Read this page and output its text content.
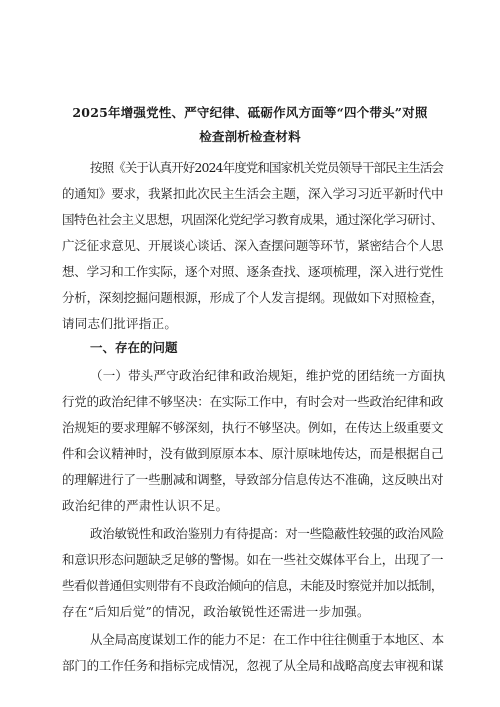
2025年增强党性、严守纪律、砥砺作风方面等“四个带头”对照
检查剖析检查材料
按照《关于认真开好2024年度党和国家机关党员领导干部民主生活会
的通知》要求，我紧扣此次民主生活会主题，深入学习习近平新时代中
国特色社会主义思想，巩固深化党纪学习教育成果，通过深化学习研讨、
广泛征求意见、开展谈心谈话、深入查摆问题等环节，紧密结合个人思
想、学习和工作实际，逐个对照、逐条查找、逐项梳理，深入进行党性
分析，深刻挖掘问题根源，形成了个人发言提纲。现做如下对照检查，
请同志们批评指正。
一、存在的问题
（一）带头严守政治纪律和政治规矩，维护党的团结统一方面执
行党的政治纪律不够坚决：在实际工作中，有时会对一些政治纪律和政
治规矩的要求理解不够深刻，执行不够坚决。例如，在传达上级重要文
件和会议精神时，没有做到原原本本、原汁原味地传达，而是根据自己
的理解进行了一些删减和调整，导致部分信息传达不准确，这反映出对
政治纪律的严肃性认识不足。
政治敏锐性和政治鉴别力有待提高：对一些隐蔽性较强的政治风险
和意识形态问题缺乏足够的警惕。如在一些社交媒体平台上，出现了一
些看似普通但实则带有不良政治倾向的信息，未能及时察觉并加以抵制，
存在“后知后觉”的情况，政治敏锐性还需进一步加强。
从全局高度谋划工作的能力不足：在工作中往往侧重于本地区、本
部门的工作任务和指标完成情况，忽视了从全局和战略高度去审视和谋
